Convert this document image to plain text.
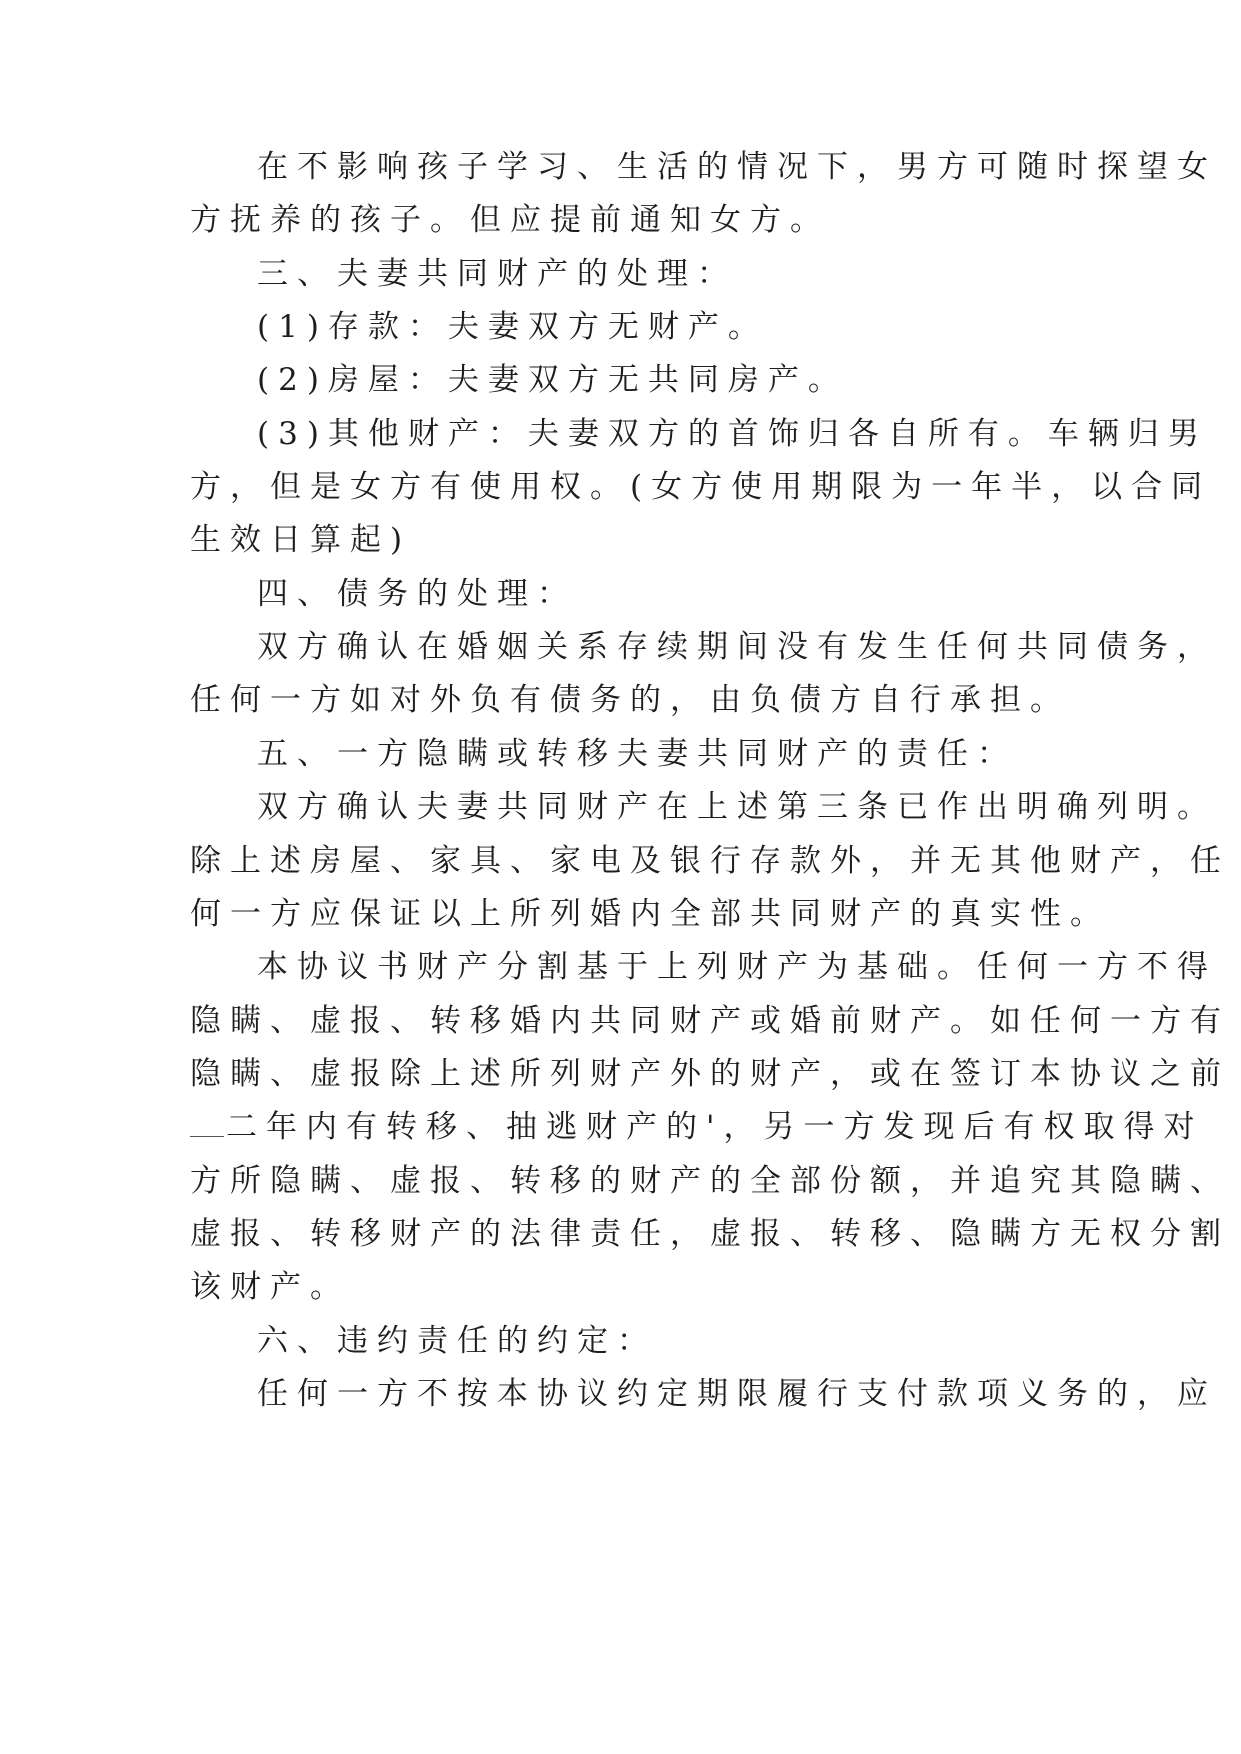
在不影响孩子学习、生活的情况下，男方可随时探望女
方抚养的孩子。但应提前通知女方。
三、夫妻共同财产的处理：
(1)存款：夫妻双方无财产。
(2)房屋：夫妻双方无共同房产。
(3)其他财产：夫妻双方的首饰归各自所有。车辆归男
方，但是女方有使用权。(女方使用期限为一年半，以合同
生效日算起)
四、债务的处理：
双方确认在婚姻关系存续期间没有发生任何共同债务，
任何一方如对外负有债务的，由负债方自行承担。
五、一方隐瞒或转移夫妻共同财产的责任：
双方确认夫妻共同财产在上述第三条已作出明确列明。
除上述房屋、家具、家电及银行存款外，并无其他财产，任
何一方应保证以上所列婚内全部共同财产的真实性。
本协议书财产分割基于上列财产为基础。任何一方不得
隐瞒、虚报、转移婚内共同财产或婚前财产。如任何一方有
隐瞒、虚报除上述所列财产外的财产，或在签订本协议之前
二年内有转移、抽逃财产的'，另一方发现后有权取得对
方所隐瞒、虚报、转移的财产的全部份额，并追究其隐瞒、
虚报、转移财产的法律责任，虚报、转移、隐瞒方无权分割
该财产。
六、违约责任的约定：
任何一方不按本协议约定期限履行支付款项义务的，应
